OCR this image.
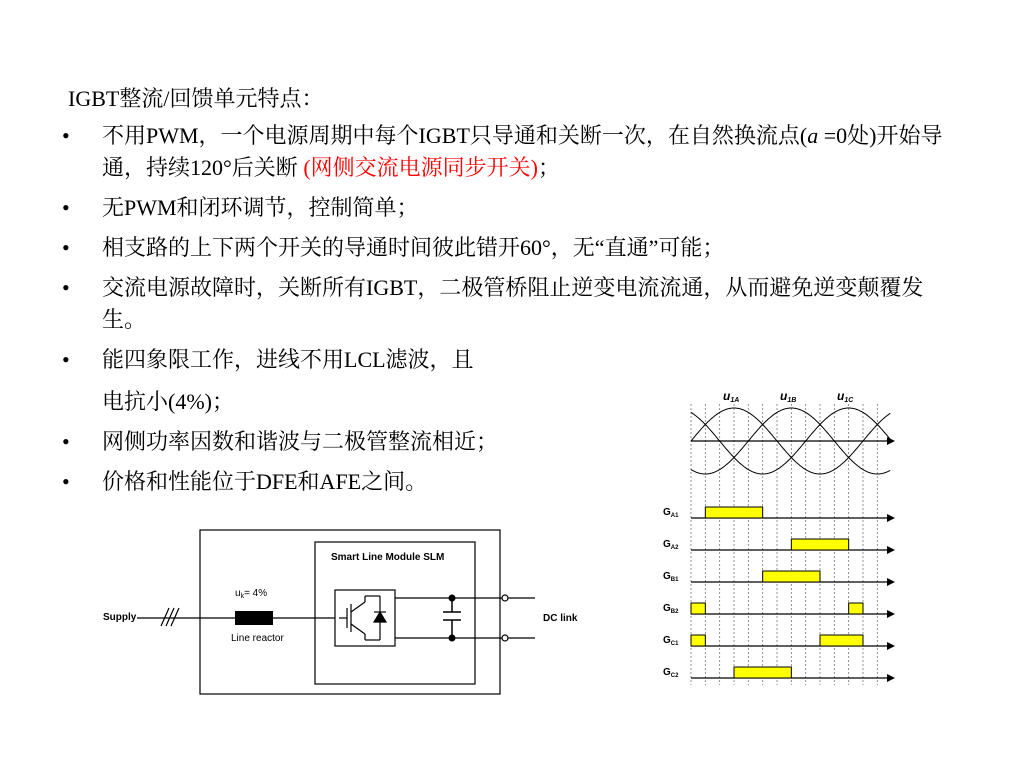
IGBT整流/回馈单元特点：
• 不用PWM，一个电源周期中每个IGBT只导通和关断一次，在自然换流点(a =0处)开始导通，持续120°后关断 (网侧交流电源同步开关)；
• 无PWM和闭环调节，控制简单；
• 相支路的上下两个开关的导通时间彼此错开60°，无“直通”可能；
• 交流电源故障时，关断所有IGBT，二极管桥阻止逆变电流流通，从而避免逆变颠覆发生。
• 能四象限工作，进线不用LCL滤波，且
电抗小(4%)；
• 网侧功率因数和谐波与二极管整流相近；
• 价格和性能位于DFE和AFE之间。
Smart Line Module SLM
Supply
$u_k= 4\%$
Line reactor
DC link
u1A	u1B	u1C
$G_{A1}$
$G_{A2}$
$G_{B1}$
$G_{B2}$
$G_{C1}$
$G_{C2}$
